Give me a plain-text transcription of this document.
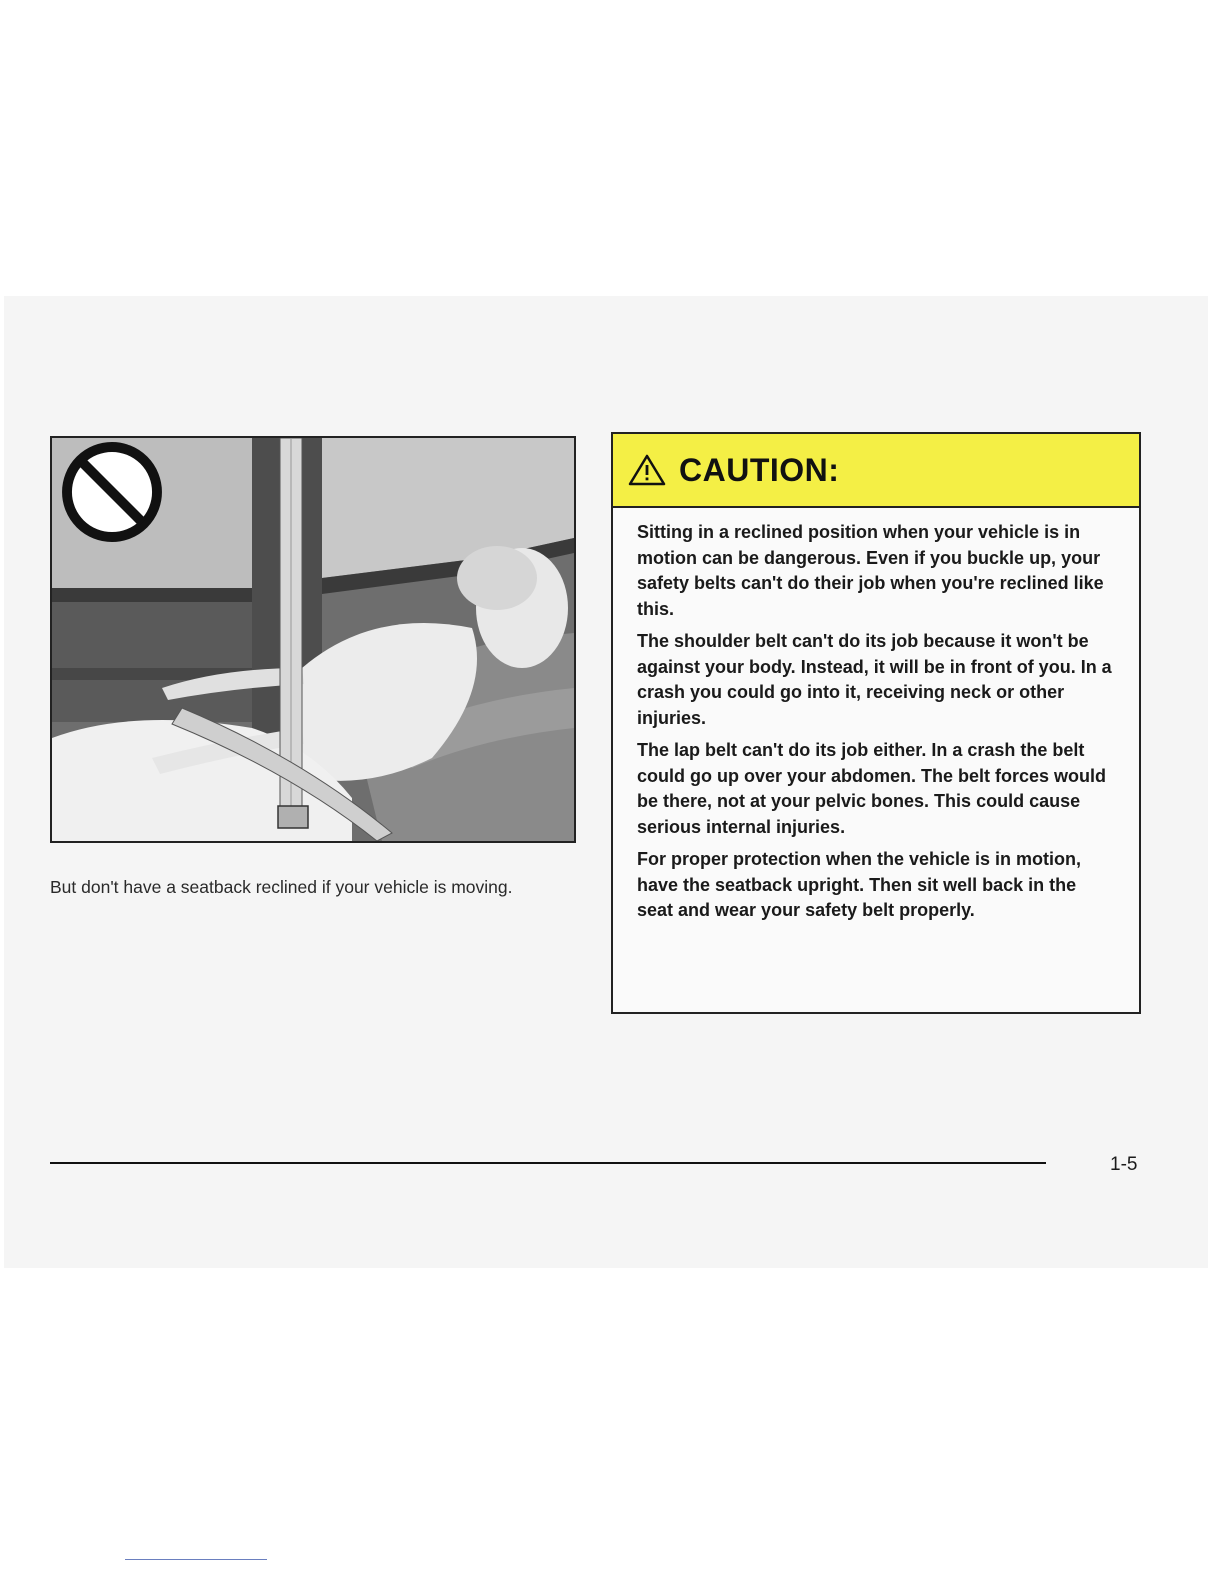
But don't have a seatback reclined if your vehicle is moving.

CAUTION:

Sitting in a reclined position when your vehicle is in motion can be dangerous. Even if you buckle up, your safety belts can't do their job when you're reclined like this.

The shoulder belt can't do its job because it won't be against your body. Instead, it will be in front of you. In a crash you could go into it, receiving neck or other injuries.

The lap belt can't do its job either. In a crash the belt could go up over your abdomen. The belt forces would be there, not at your pelvic bones. This could cause serious internal injuries.

For proper protection when the vehicle is in motion, have the seatback upright. Then sit well back in the seat and wear your safety belt properly.

1-5
